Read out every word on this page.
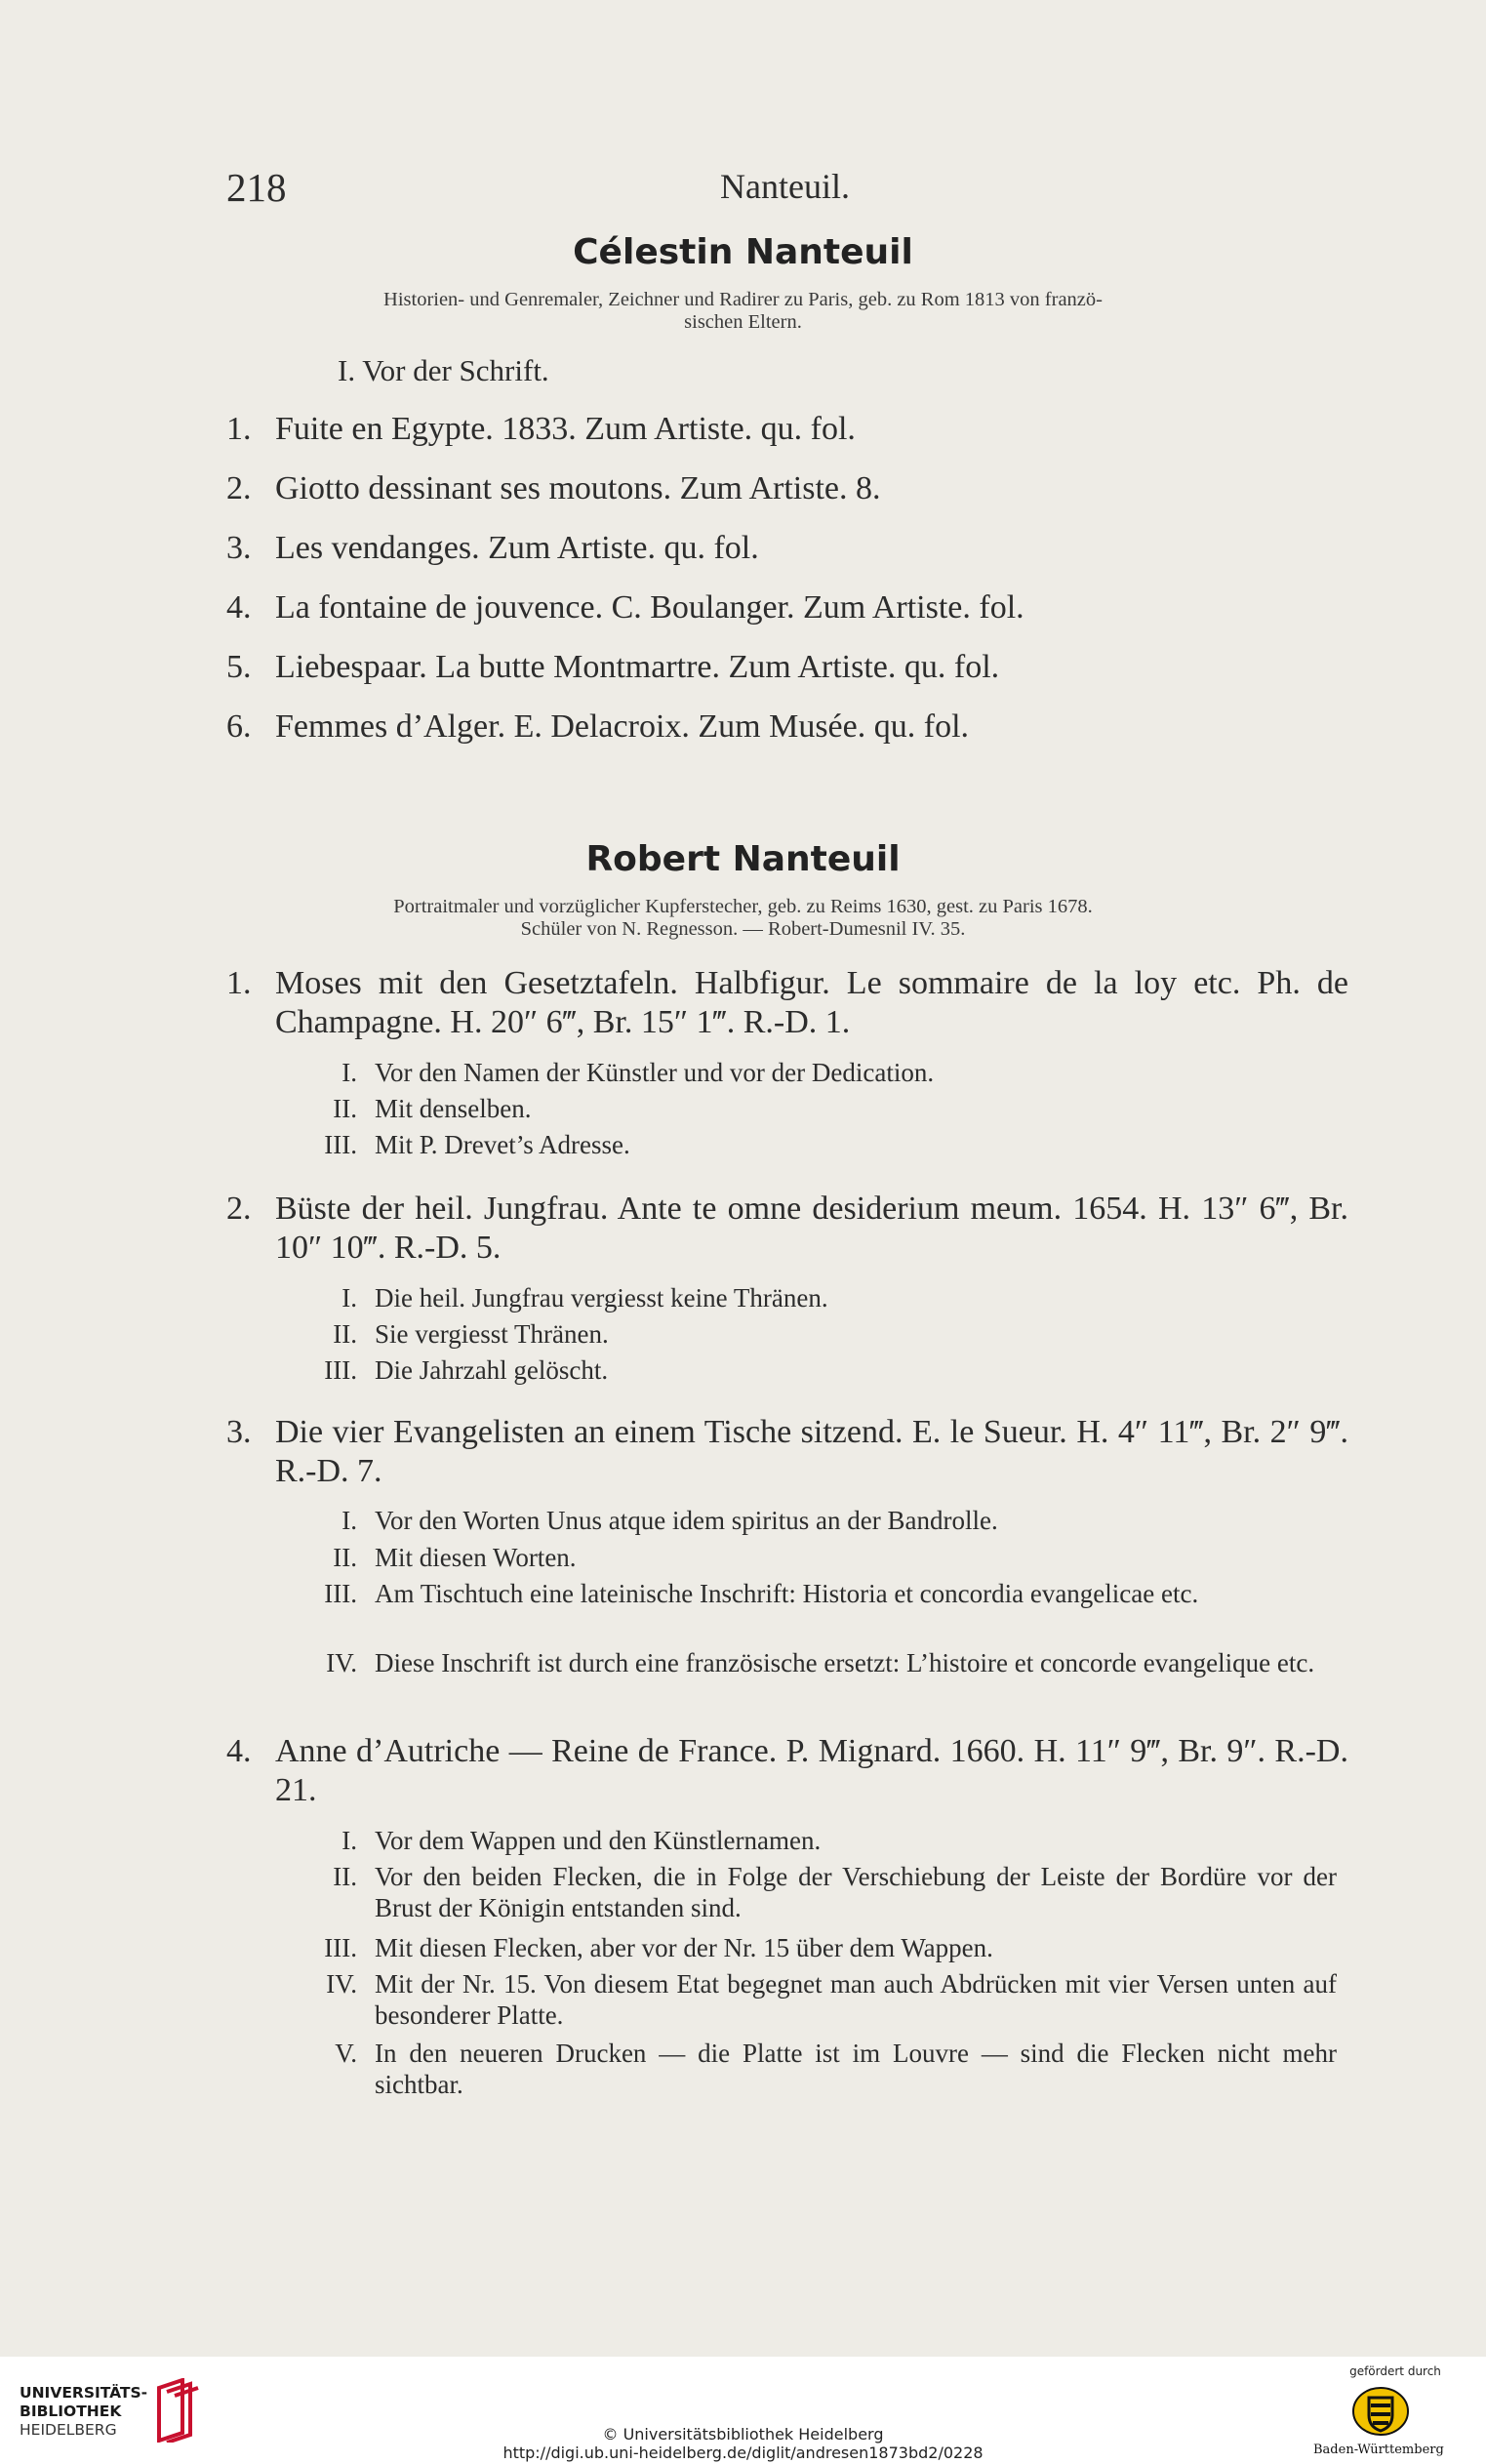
218	Nanteuil.
Célestin Nanteuil
Historien- und Genremaler, Zeichner und Radirer zu Paris, geb. zu Rom 1813 von franzö-
sischen Eltern.
I. Vor der Schrift.
1. Fuite en Egypte. 1833. Zum Artiste. qu. fol.
2. Giotto dessinant ses moutons. Zum Artiste. 8.
3. Les vendanges. Zum Artiste. qu. fol.
4. La fontaine de jouvence. C. Boulanger. Zum Artiste. fol.
5. Liebespaar. La butte Montmartre. Zum Artiste. qu. fol.
6. Femmes d’Alger. E. Delacroix. Zum Musée. qu. fol.
Robert Nanteuil
Portraitmaler und vorzüglicher Kupferstecher, geb. zu Reims 1630, gest. zu Paris 1678.
Schüler von N. Regnesson. — Robert-Dumesnil IV. 35.
1. Moses mit den Gesetztafeln. Halbfigur. Le sommaire de la loy etc. Ph. de Champagne. H. 20″ 6‴, Br. 15″ 1‴. R.-D. 1.
I. Vor den Namen der Künstler und vor der Dedication.
II. Mit denselben.
III. Mit P. Drevet’s Adresse.
2. Büste der heil. Jungfrau. Ante te omne desiderium meum. 1654. H. 13″ 6‴, Br. 10″ 10‴. R.-D. 5.
I. Die heil. Jungfrau vergiesst keine Thränen.
II. Sie vergiesst Thränen.
III. Die Jahrzahl gelöscht.
3. Die vier Evangelisten an einem Tische sitzend. E. le Sueur. H. 4″ 11‴, Br. 2″ 9‴. R.-D. 7.
I. Vor den Worten Unus atque idem spiritus an der Bandrolle.
II. Mit diesen Worten.
III. Am Tischtuch eine lateinische Inschrift: Historia et concordia evangelicae etc.
IV. Diese Inschrift ist durch eine französische ersetzt: L’histoire et concorde evangelique etc.
4. Anne d’Autriche — Reine de France. P. Mignard. 1660. H. 11″ 9‴, Br. 9″. R.-D. 21.
I. Vor dem Wappen und den Künstlernamen.
II. Vor den beiden Flecken, die in Folge der Verschiebung der Leiste der Bordüre vor der Brust der Königin entstanden sind.
III. Mit diesen Flecken, aber vor der Nr. 15 über dem Wappen.
IV. Mit der Nr. 15. Von diesem Etat begegnet man auch Abdrücken mit vier Versen unten auf besonderer Platte.
V. In den neueren Drucken — die Platte ist im Louvre — sind die Flecken nicht mehr sichtbar.
UNIVERSITÄTS-
BIBLIOTHEK
HEIDELBERG	© Universitätsbibliothek Heidelberg
http://digi.ub.uni-heidelberg.de/diglit/andresen1873bd2/0228
gefördert durch
Baden-Württemberg
